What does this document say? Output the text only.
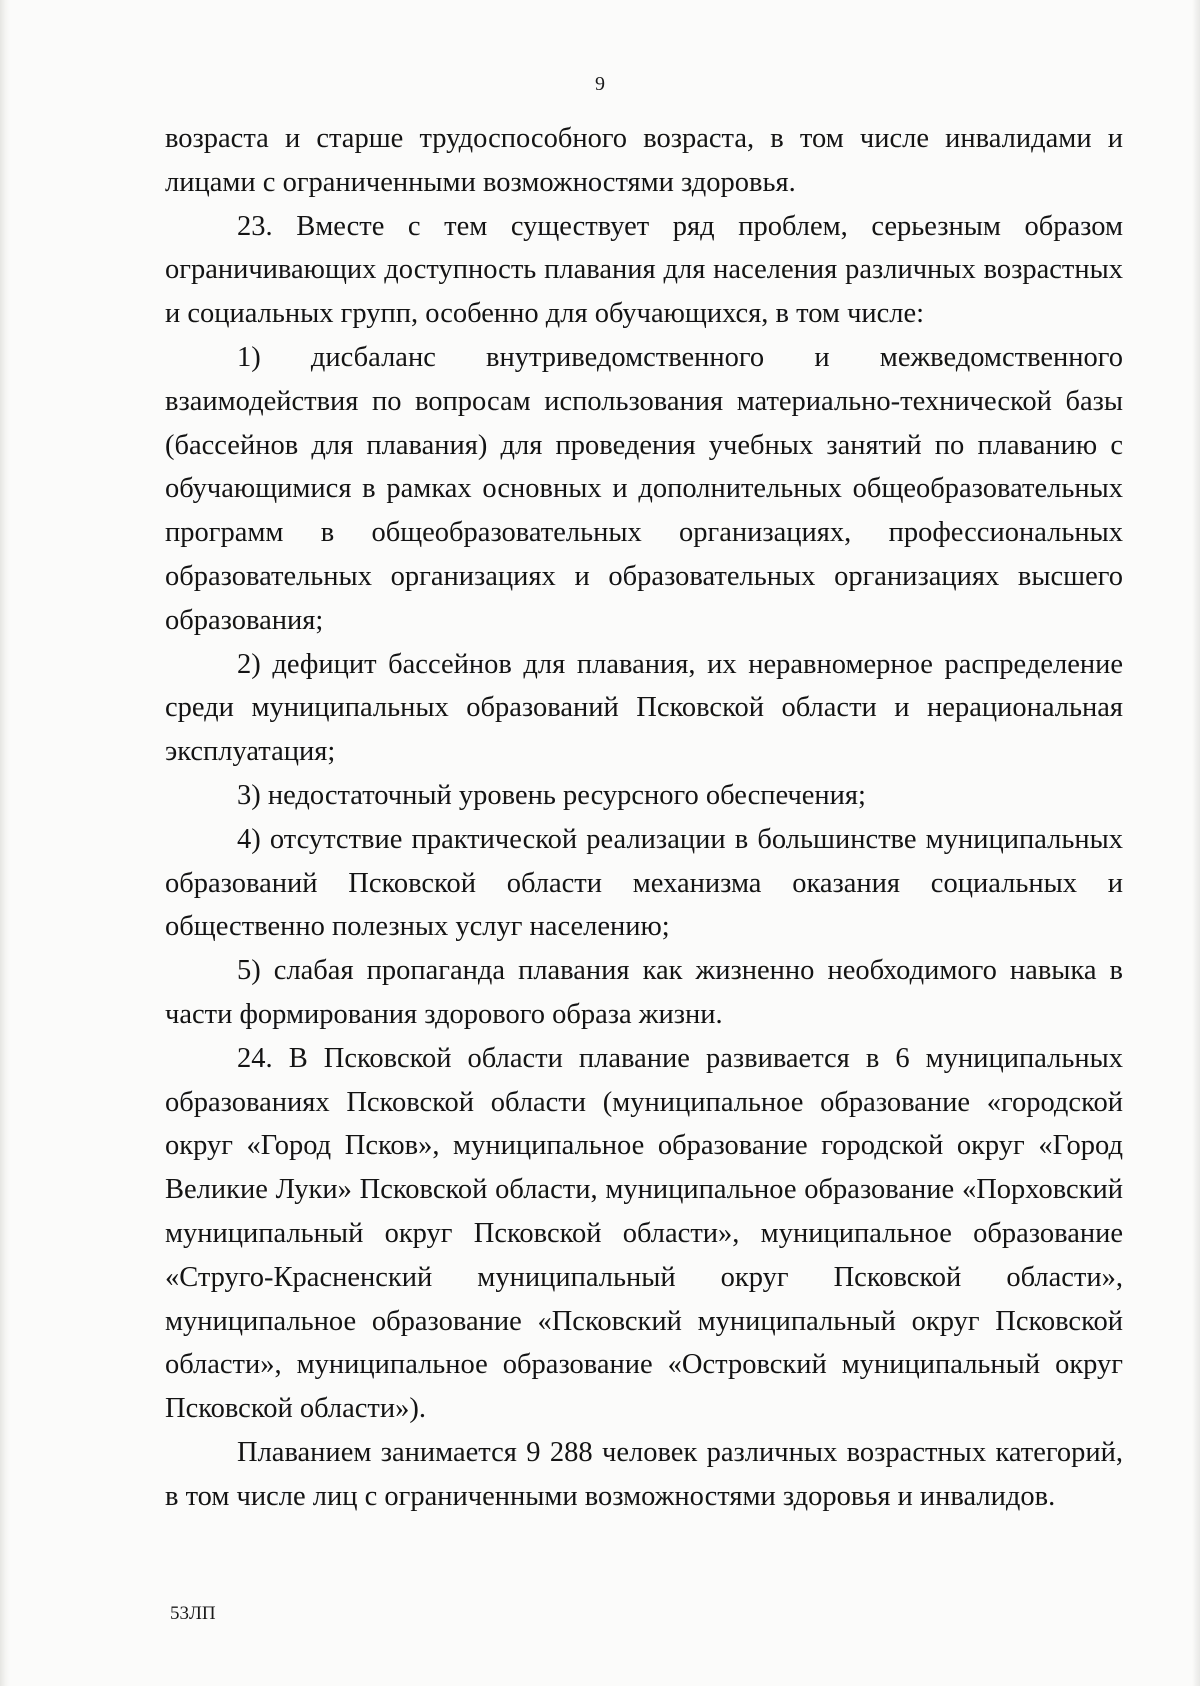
9

возраста и старше трудоспособного возраста, в том числе инвалидами и лицами с ограниченными возможностями здоровья.

23. Вместе с тем существует ряд проблем, серьезным образом ограничивающих доступность плавания для населения различных возрастных и социальных групп, особенно для обучающихся, в том числе:

1) дисбаланс внутриведомственного и межведомственного взаимодействия по вопросам использования материально-технической базы (бассейнов для плавания) для проведения учебных занятий по плаванию с обучающимися в рамках основных и дополнительных общеобразовательных программ в общеобразовательных организациях, профессиональных образовательных организациях и образовательных организациях высшего образования;

2) дефицит бассейнов для плавания, их неравномерное распределение среди муниципальных образований Псковской области и нерациональная эксплуатация;

3) недостаточный уровень ресурсного обеспечения;

4) отсутствие практической реализации в большинстве муниципальных образований Псковской области механизма оказания социальных и общественно полезных услуг населению;

5) слабая пропаганда плавания как жизненно необходимого навыка в части формирования здорового образа жизни.

24. В Псковской области плавание развивается в 6 муниципальных образованиях Псковской области (муниципальное образование «городской округ «Город Псков», муниципальное образование городской округ «Город Великие Луки» Псковской области, муниципальное образование «Порховский муниципальный округ Псковской области», муниципальное образование «Струго-Красненский муниципальный округ Псковской области», муниципальное образование «Псковский муниципальный округ Псковской области», муниципальное образование «Островский муниципальный округ Псковской области»).

Плаванием занимается 9 288 человек различных возрастных категорий, в том числе лиц с ограниченными возможностями здоровья и инвалидов.

53ЛП
